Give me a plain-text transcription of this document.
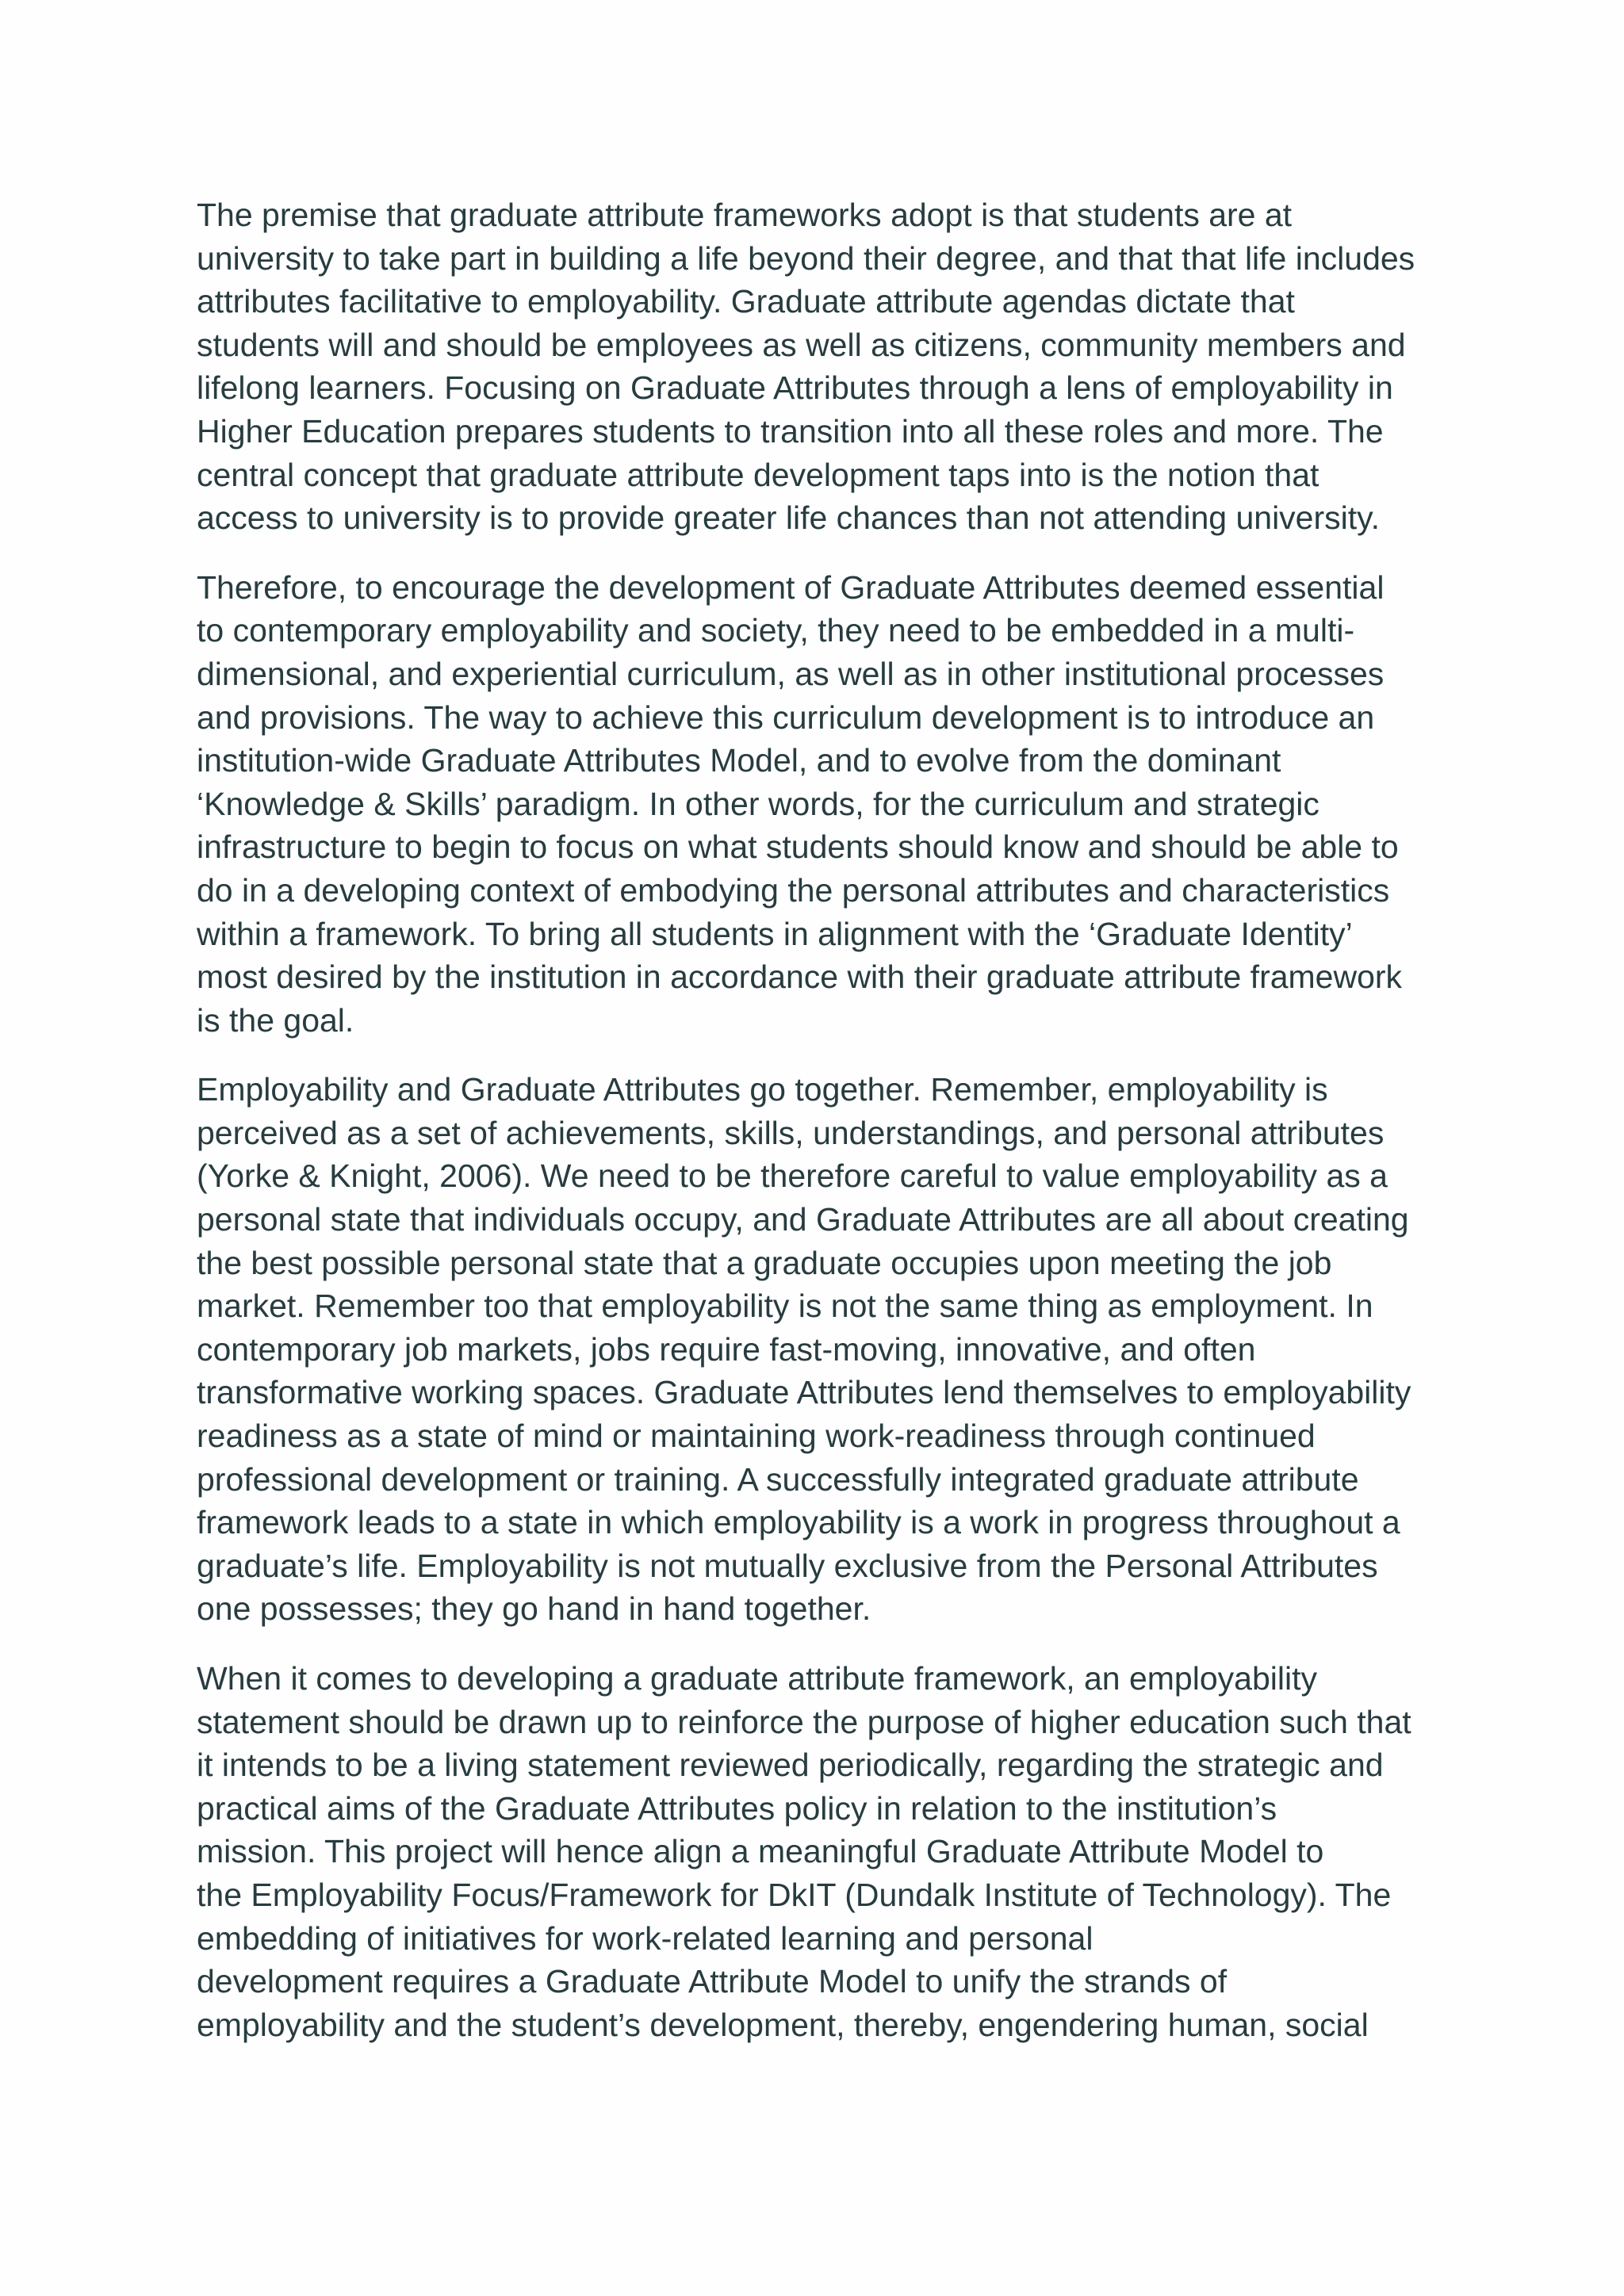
The premise that graduate attribute frameworks adopt is that students are at
university to take part in building a life beyond their degree, and that that life includes
attributes facilitative to employability. Graduate attribute agendas dictate that
students will and should be employees as well as citizens, community members and
lifelong learners. Focusing on Graduate Attributes through a lens of employability in
Higher Education prepares students to transition into all these roles and more. The
central concept that graduate attribute development taps into is the notion that
access to university is to provide greater life chances than not attending university.

Therefore, to encourage the development of Graduate Attributes deemed essential
to contemporary employability and society, they need to be embedded in a multi-
dimensional, and experiential curriculum, as well as in other institutional processes
and provisions. The way to achieve this curriculum development is to introduce an
institution-wide Graduate Attributes Model, and to evolve from the dominant
‘Knowledge & Skills’ paradigm. In other words, for the curriculum and strategic
infrastructure to begin to focus on what students should know and should be able to
do in a developing context of embodying the personal attributes and characteristics
within a framework. To bring all students in alignment with the ‘Graduate Identity’
most desired by the institution in accordance with their graduate attribute framework
is the goal.

Employability and Graduate Attributes go together. Remember, employability is
perceived as a set of achievements, skills, understandings, and personal attributes
(Yorke & Knight, 2006). We need to be therefore careful to value employability as a
personal state that individuals occupy, and Graduate Attributes are all about creating
the best possible personal state that a graduate occupies upon meeting the job
market. Remember too that employability is not the same thing as employment. In
contemporary job markets, jobs require fast-moving, innovative, and often
transformative working spaces. Graduate Attributes lend themselves to employability
readiness as a state of mind or maintaining work-readiness through continued
professional development or training. A successfully integrated graduate attribute
framework leads to a state in which employability is a work in progress throughout a
graduate’s life. Employability is not mutually exclusive from the Personal Attributes
one possesses; they go hand in hand together.

When it comes to developing a graduate attribute framework, an employability
statement should be drawn up to reinforce the purpose of higher education such that
it intends to be a living statement reviewed periodically, regarding the strategic and
practical aims of the Graduate Attributes policy in relation to the institution’s
mission. This project will hence align a meaningful Graduate Attribute Model to
the Employability Focus/Framework for DkIT (Dundalk Institute of Technology). The
embedding of initiatives for work-related learning and personal
development requires a Graduate Attribute Model to unify the strands of
employability and the student’s development, thereby, engendering human, social
